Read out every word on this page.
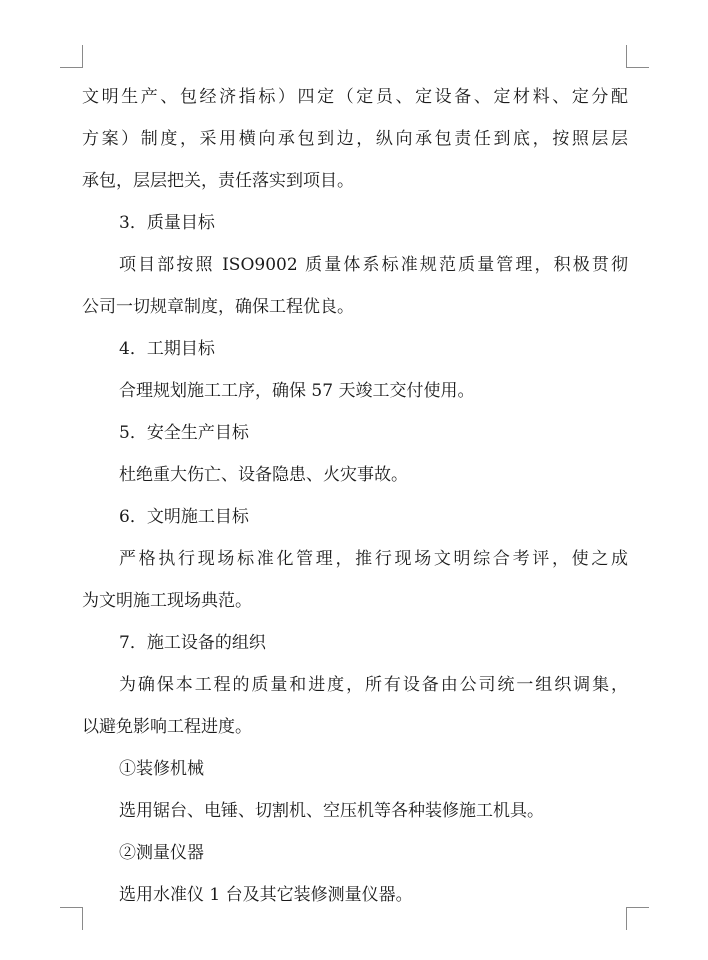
文明生产、包经济指标）四定（定员、定设备、定材料、定分配
方案）制度，采用横向承包到边，纵向承包责任到底，按照层层
承包，层层把关，责任落实到项目。
3．质量目标
项目部按照 ISO9002 质量体系标准规范质量管理，积极贯彻
公司一切规章制度，确保工程优良。
4．工期目标
合理规划施工工序，确保 57 天竣工交付使用。
5．安全生产目标
杜绝重大伤亡、设备隐患、火灾事故。
6．文明施工目标
严格执行现场标准化管理，推行现场文明综合考评，使之成
为文明施工现场典范。
7．施工设备的组织
为确保本工程的质量和进度，所有设备由公司统一组织调集，
以避免影响工程进度。
①装修机械
选用锯台、电锤、切割机、空压机等各种装修施工机具。
②测量仪器
选用水准仪 1 台及其它装修测量仪器。
